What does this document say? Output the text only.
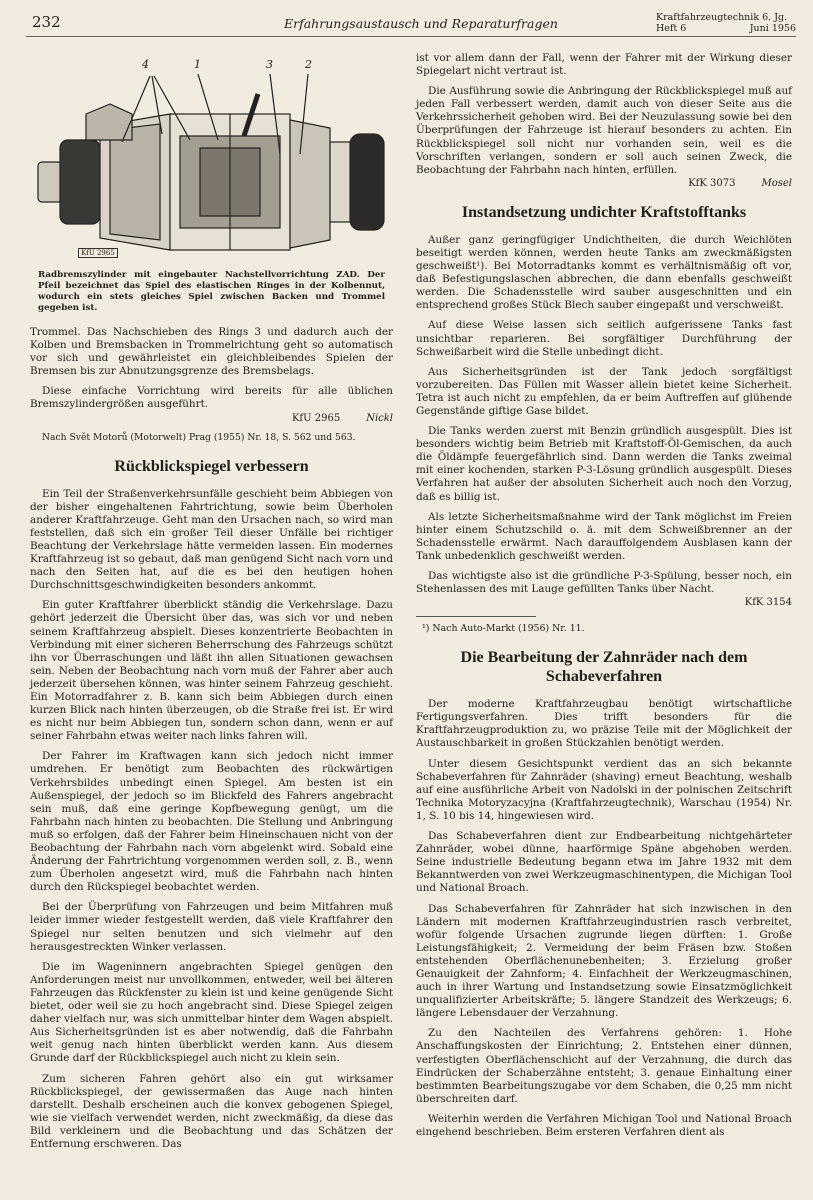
232	Erfahrungsaustausch und Reparaturfragen	Kraftfahrzeugtechnik 6. Jg.
Heft 6	Juni 1956
4	1	3	2
KfU 2965
Radbremszylinder mit eingebauter Nachstellvorrichtung ZAD. Der Pfeil bezeichnet das Spiel des elastischen Ringes in der Kolbennut, wodurch ein stets gleiches Spiel zwischen Backen und Trommel gegeben ist.

Trommel. Das Nachschieben des Rings 3 und dadurch auch der Kolben und Bremsbacken in Trommelrichtung geht so automatisch vor sich und gewährleistet ein gleichbleibendes Spielen der Bremsen bis zur Abnutzungsgrenze des Bremsbelags.

Diese einfache Vorrichtung wird bereits für alle üblichen Bremszylindergrößen ausgeführt.

KfU 2965	Nickl
Nach Svět Motorů (Motorwelt) Prag (1955) Nr. 18, S. 562 und 563.
Rückblickspiegel verbessern

Ein Teil der Straßenverkehrsunfälle geschieht beim Abbiegen von der bisher eingehaltenen Fahrtrichtung, sowie beim Überholen anderer Kraftfahrzeuge. Geht man den Ursachen nach, so wird man feststellen, daß sich ein großer Teil dieser Unfälle bei richtiger Beachtung der Verkehrslage hätte vermeiden lassen. Ein modernes Kraftfahrzeug ist so gebaut, daß man genügend Sicht nach vorn und nach den Seiten hat, auf die es bei den heutigen hohen Durchschnittsgeschwindigkeiten besonders ankommt.

Ein guter Kraftfahrer überblickt ständig die Verkehrslage. Dazu gehört jederzeit die Übersicht über das, was sich vor und neben seinem Kraftfahrzeug abspielt. Dieses konzentrierte Beobachten in Verbindung mit einer sicheren Beherrschung des Fahrzeugs schützt ihn vor Überraschungen und läßt ihn allen Situationen gewachsen sein. Neben der Beobachtung nach vorn muß der Fahrer aber auch jederzeit übersehen können, was hinter seinem Fahrzeug geschieht. Ein Motorradfahrer z. B. kann sich beim Abbiegen durch einen kurzen Blick nach hinten überzeugen, ob die Straße frei ist. Er wird es nicht nur beim Abbiegen tun, sondern schon dann, wenn er auf seiner Fahrbahn etwas weiter nach links fahren will.

Der Fahrer im Kraftwagen kann sich jedoch nicht immer umdrehen. Er benötigt zum Beobachten des rückwärtigen Verkehrsbildes unbedingt einen Spiegel. Am besten ist ein Außenspiegel, der jedoch so im Blickfeld des Fahrers angebracht sein muß, daß eine geringe Kopfbewegung genügt, um die Fahrbahn nach hinten zu beobachten. Die Stellung und Anbringung muß so erfolgen, daß der Fahrer beim Hineinschauen nicht von der Beobachtung der Fahrbahn nach vorn abgelenkt wird. Sobald eine Änderung der Fahrtrichtung vorgenommen werden soll, z. B., wenn zum Überholen angesetzt wird, muß die Fahrbahn nach hinten durch den Rückspiegel beobachtet werden.

Bei der Überprüfung von Fahrzeugen und beim Mitfahren muß leider immer wieder festgestellt werden, daß viele Kraftfahrer den Spiegel nur selten benutzen und sich vielmehr auf den herausgestreckten Winker verlassen.

Die im Wageninnern angebrachten Spiegel genügen den Anforderungen meist nur unvollkommen, entweder, weil bei älteren Fahrzeugen das Rückfenster zu klein ist und keine genügende Sicht bietet, oder weil sie zu hoch angebracht sind. Diese Spiegel zeigen daher vielfach nur, was sich unmittelbar hinter dem Wagen abspielt. Aus Sicherheitsgründen ist es aber notwendig, daß die Fahrbahn weit genug nach hinten überblickt werden kann. Aus diesem Grunde darf der Rückblickspiegel auch nicht zu klein sein.

Zum sicheren Fahren gehört also ein gut wirksamer Rückblickspiegel, der gewissermaßen das Auge nach hinten darstellt. Deshalb erscheinen auch die konvex gebogenen Spiegel, wie sie vielfach verwendet werden, nicht zweckmäßig, da diese das Bild verkleinern und die Beobachtung und das Schätzen der Entfernung erschweren. Das

ist vor allem dann der Fall, wenn der Fahrer mit der Wirkung dieser Spiegelart nicht vertraut ist.

Die Ausführung sowie die Anbringung der Rückblickspiegel muß auf jeden Fall verbessert werden, damit auch von dieser Seite aus die Verkehrssicherheit gehoben wird. Bei der Neuzulassung sowie bei den Überprüfungen der Fahrzeuge ist hierauf besonders zu achten. Ein Rückblickspiegel soll nicht nur vorhanden sein, weil es die Vorschriften verlangen, sondern er soll auch seinen Zweck, die Beobachtung der Fahrbahn nach hinten, erfüllen.

KfK 3073	Mosel
Instandsetzung undichter Kraftstofftanks

Außer ganz geringfügiger Undichtheiten, die durch Weichlöten beseitigt werden können, werden heute Tanks am zweckmäßigsten geschweißt¹). Bei Motorradtanks kommt es verhältnismäßig oft vor, daß Befestigungslaschen abbrechen, die dann ebenfalls geschweißt werden. Die Schadensstelle wird sauber ausgeschnitten und ein entsprechend großes Stück Blech sauber eingepaßt und verschweißt.

Auf diese Weise lassen sich seitlich aufgerissene Tanks fast unsichtbar reparieren. Bei sorgfältiger Durchführung der Schweißarbeit wird die Stelle unbedingt dicht.

Aus Sicherheitsgründen ist der Tank jedoch sorgfältigst vorzubereiten. Das Füllen mit Wasser allein bietet keine Sicherheit. Tetra ist auch nicht zu empfehlen, da er beim Auftreffen auf glühende Gegenstände giftige Gase bildet.

Die Tanks werden zuerst mit Benzin gründlich ausgespült. Dies ist besonders wichtig beim Betrieb mit Kraftstoff-Öl-Gemischen, da auch die Öldämpfe feuergefährlich sind. Dann werden die Tanks zweimal mit einer kochenden, starken P-3-Lösung gründlich ausgespült. Dieses Verfahren hat außer der absoluten Sicherheit auch noch den Vorzug, daß es billig ist.

Als letzte Sicherheitsmaßnahme wird der Tank möglichst im Freien hinter einem Schutzschild o. ä. mit dem Schweißbrenner an der Schadensstelle erwärmt. Nach darauffolgendem Ausblasen kann der Tank unbedenklich geschweißt werden.

Das wichtigste also ist die gründliche P-3-Spülung, besser noch, ein Stehenlassen des mit Lauge gefüllten Tanks über Nacht.

KfK 3154
¹) Nach Auto-Markt (1956) Nr. 11.
Die Bearbeitung der Zahnräder nach dem Schabeverfahren

Der moderne Kraftfahrzeugbau benötigt wirtschaftliche Fertigungsverfahren. Dies trifft besonders für die Kraftfahrzeugproduktion zu, wo präzise Teile mit der Möglichkeit der Austauschbarkeit in großen Stückzahlen benötigt werden.

Unter diesem Gesichtspunkt verdient das an sich bekannte Schabeverfahren für Zahnräder (shaving) erneut Beachtung, weshalb auf eine ausführliche Arbeit von Nadolski in der polnischen Zeitschrift Technika Motoryzacyjna (Kraftfahrzeugtechnik), Warschau (1954) Nr. 1, S. 10 bis 14, hingewiesen wird.

Das Schabeverfahren dient zur Endbearbeitung nichtgehärteter Zahnräder, wobei dünne, haarförmige Späne abgehoben werden. Seine industrielle Bedeutung begann etwa im Jahre 1932 mit dem Bekanntwerden von zwei Werkzeugmaschinentypen, die Michigan Tool und National Broach.

Das Schabeverfahren für Zahnräder hat sich inzwischen in den Ländern mit modernen Kraftfahrzeugindustrien rasch verbreitet, wofür folgende Ursachen zugrunde liegen dürften: 1. Große Leistungsfähigkeit; 2. Vermeidung der beim Fräsen bzw. Stoßen entstehenden Oberflächenunebenheiten; 3. Erzielung großer Genauigkeit der Zahnform; 4. Einfachheit der Werkzeugmaschinen, auch in ihrer Wartung und Instandsetzung sowie Einsatzmöglichkeit unqualifizierter Arbeitskräfte; 5. längere Standzeit des Werkzeugs; 6. längere Lebensdauer der Verzahnung.

Zu den Nachteilen des Verfahrens gehören: 1. Hohe Anschaffungskosten der Einrichtung; 2. Entstehen einer dünnen, verfestigten Oberflächenschicht auf der Verzahnung, die durch das Eindrücken der Schaberzähne entsteht; 3. genaue Einhaltung einer bestimmten Bearbeitungszugabe vor dem Schaben, die 0,25 mm nicht überschreiten darf.

Weiterhin werden die Verfahren Michigan Tool und National Broach eingehend beschrieben. Beim ersteren Verfahren dient als
